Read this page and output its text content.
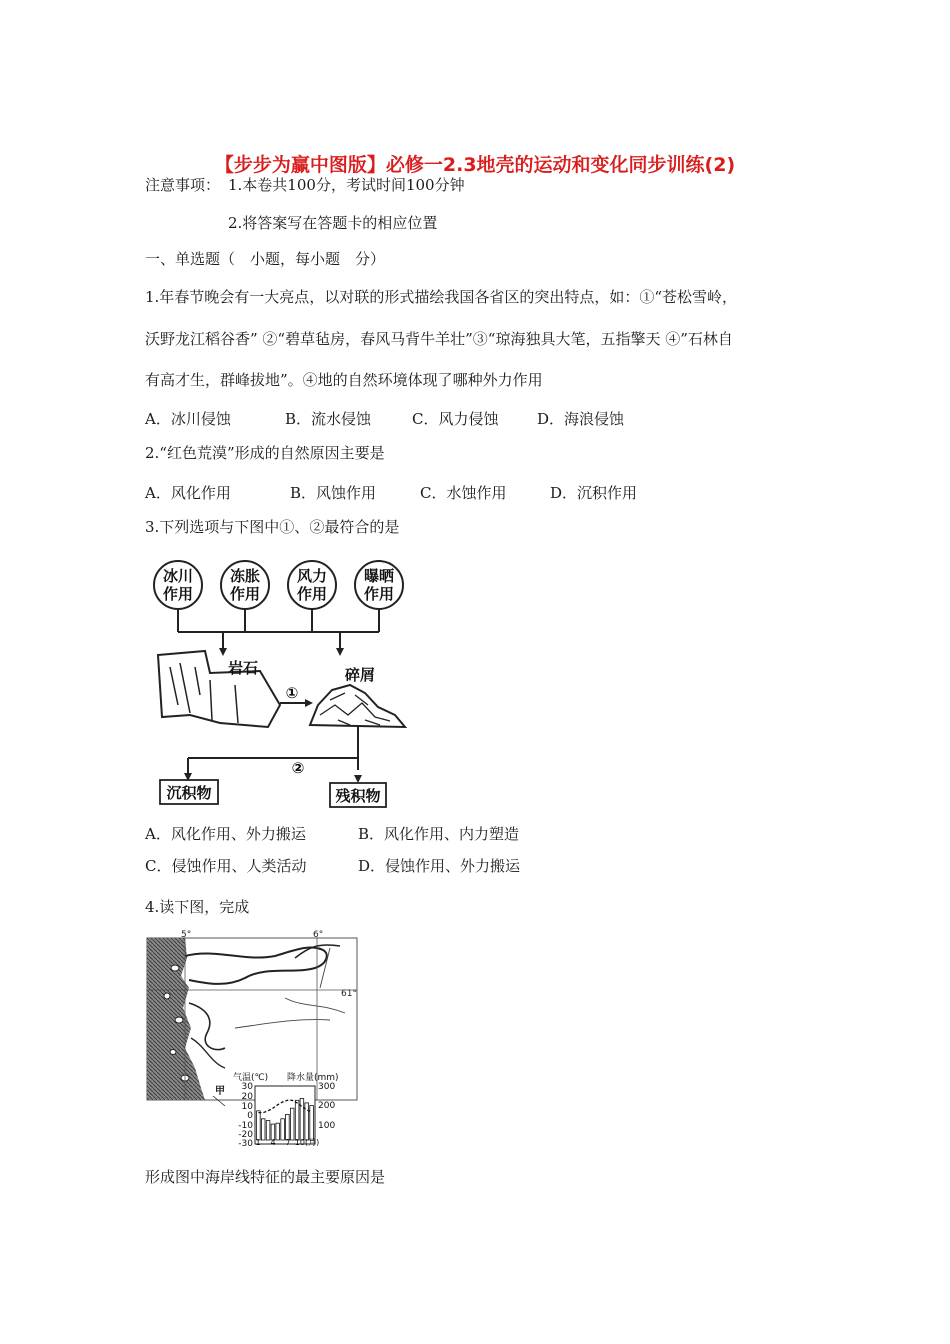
【步步为赢中图版】必修一2.3地壳的运动和变化同步训练(2)
注意事项： 1.本卷共100分，考试时间100分钟
2.将答案写在答题卡的相应位置
一、单选题（　小题，每小题　分）
1.年春节晚会有一大亮点，以对联的形式描绘我国各省区的突出特点，如：①“苍松雪岭，
沃野龙江稻谷香” ②“碧草毡房，春风马背牛羊壮”③“琼海独具大笔，五指擎天 ④”石林自
有高才生，群峰拔地”。④地的自然环境体现了哪种外力作用
A．冰川侵蚀	B．流水侵蚀	C．风力侵蚀	D．海浪侵蚀
2.“红色荒漠”形成的自然原因主要是
A．风化作用	B．风蚀作用	C．水蚀作用	D．沉积作用
3.下列选项与下图中①、②最符合的是
冰川
作用
冻胀
作用
风力
作用
曝晒
作用
岩石	碎屑
①
②
沉积物	残积物
A．风化作用、外力搬运	B．风化作用、内力塑造
C．侵蚀作用、人类活动	D．侵蚀作用、外力搬运
4.读下图，完成
5°	6°
61°
甲
气温(℃) 降水量(mm)
30
20
10
0
-10
-20
-30
300
200
100
1 4 7 10(月)
形成图中海岸线特征的最主要原因是
